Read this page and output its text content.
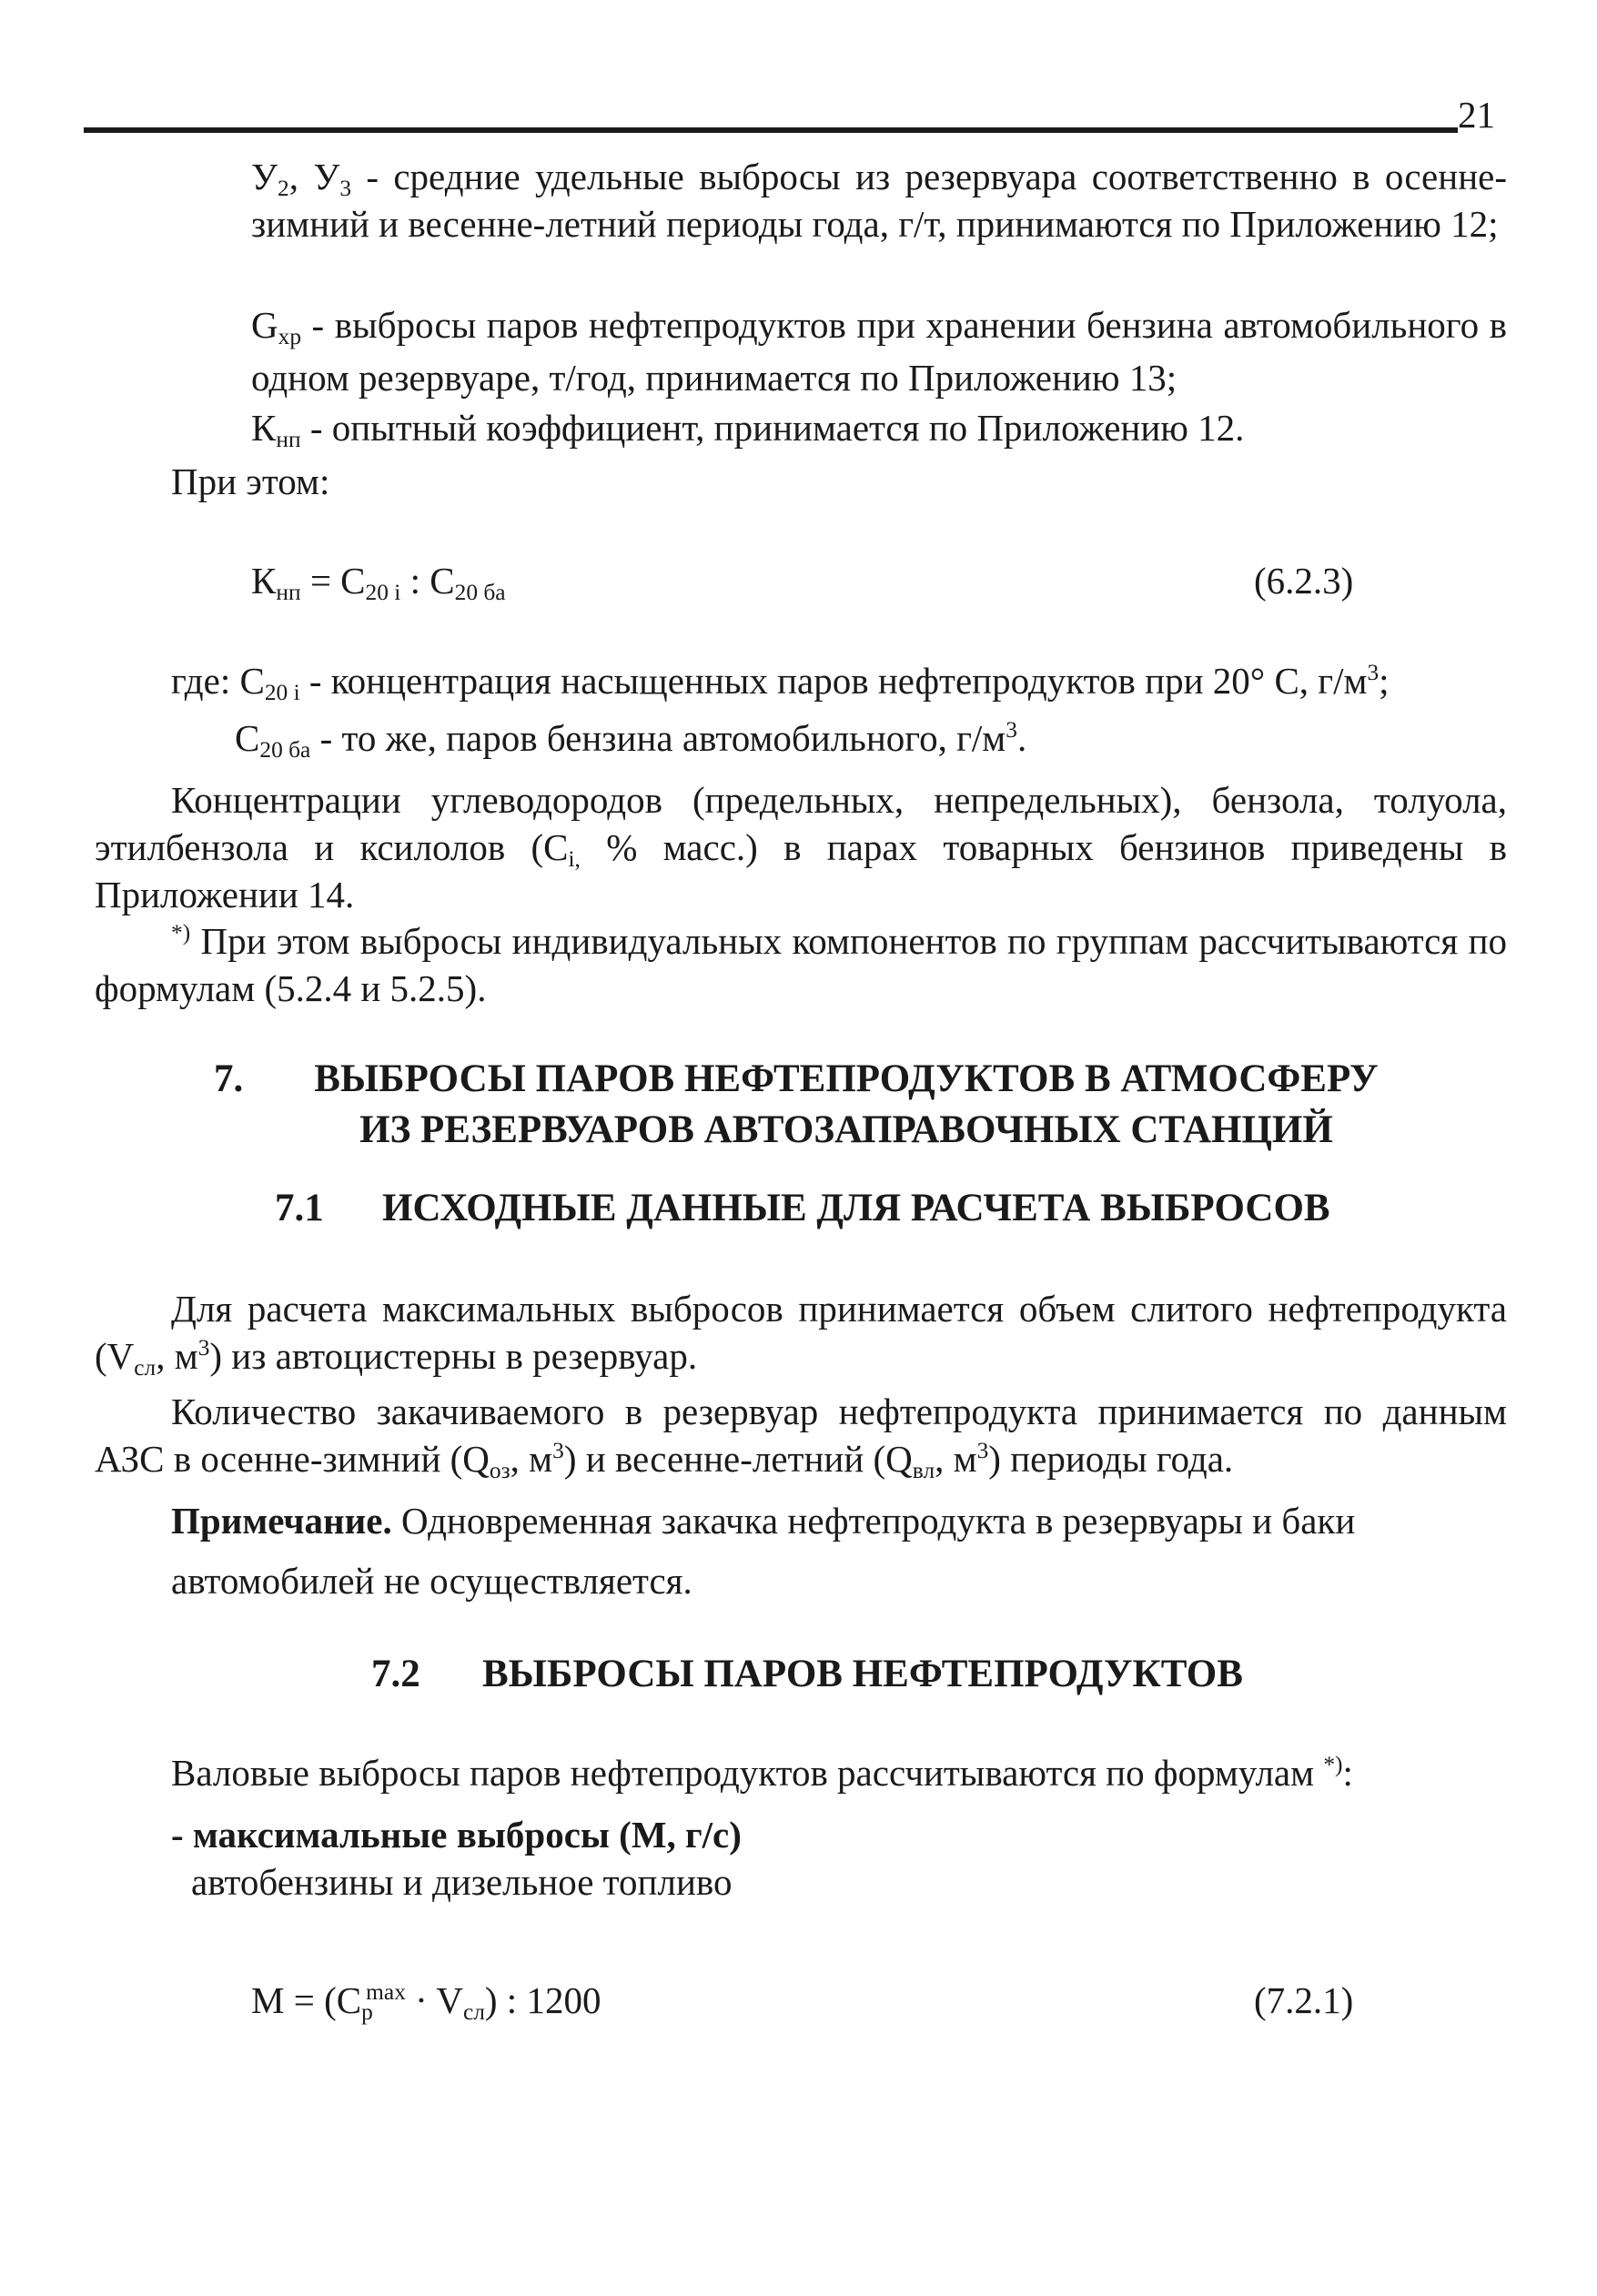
21

$У_2$, $У_3$ - средние удельные выбросы из резервуара соответственно в осенне-зимний и весенне-летний периоды года, г/т, принимаются по Приложению 12;

$G_{хр}$ - выбросы паров нефтепродуктов при хранении бензина автомобильного в одном резервуаре, т/год, принимается по Приложению 13;

$К_{нп}$ - опытный коэффициент, принимается по Приложению 12.

При этом:

$К_{нп} = С_{20 i}$ : $С_{20 ба}$	(6.2.3)

где: $С_{20 i}$ - концентрация насыщенных паров нефтепродуктов при 20° С, $г/м^3$;

$С_{20 ба}$ - то же, паров бензина автомобильного, $г/м^3$.

Концентрации углеводородов (предельных, непредельных), бензола, толуола, этилбензола и ксилолов ($С_{i,}$ % масс.) в парах товарных бензинов приведены в Приложении 14.

*) При этом выбросы индивидуальных компонентов по группам рассчитываются по формулам (5.2.4 и 5.2.5).

7.	ВЫБРОСЫ ПАРОВ НЕФТЕПРОДУКТОВ В АТМОСФЕРУ
ИЗ РЕЗЕРВУАРОВ АВТОЗАПРАВОЧНЫХ СТАНЦИЙ
7.1 ИСХОДНЫЕ ДАННЫЕ ДЛЯ РАСЧЕТА ВЫБРОСОВ

Для расчета максимальных выбросов принимается объем слитого нефтепродукта ($V_{сл}$, $м^3$) из автоцистерны в резервуар.

Количество закачиваемого в резервуар нефтепродукта принимается по данным АЗС в осенне-зимний ($Q_{оз}$, $м^3$) и весенне-летний ($Q_{вл}$, $м^3$) периоды года.

Примечание. Одновременная закачка нефтепродукта в резервуары и баки автомобилей не осуществляется.

7.2 ВЫБРОСЫ ПАРОВ НЕФТЕПРОДУКТОВ

Валовые выбросы паров нефтепродуктов рассчитываются по формулам *):

- максимальные выбросы (М, г/с)

автобензины и дизельное топливо

$М = (С_р^{max} \cdot V_{сл})$ : 1200	(7.2.1)
